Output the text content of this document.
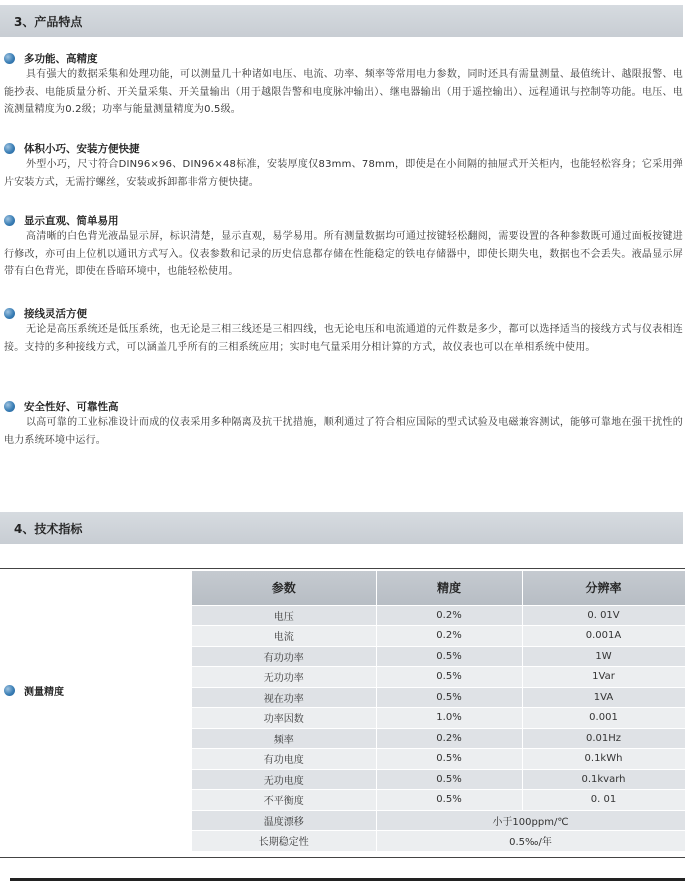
3、产品特点
多功能、高精度
具有强大的数据采集和处理功能，可以测量几十种诸如电压、电流、功率、频率等常用电力参数，同时还具有需量测量、最值统计、越限报警、电能抄表、电能质量分析、开关量采集、开关量输出（用于越限告警和电度脉冲输出）、继电器输出（用于遥控输出）、远程通讯与控制等功能。电压、电流测量精度为0.2级；功率与能量测量精度为0.5级。
体积小巧、安装方便快捷
外型小巧，尺寸符合DIN96×96、DIN96×48标准，安装厚度仅83mm、78mm，即使是在小间隔的抽屉式开关柜内，也能轻松容身；它采用弹片安装方式，无需拧螺丝，安装或拆卸都非常方便快捷。
显示直观、简单易用
高清晰的白色背光液晶显示屏，标识清楚，显示直观，易学易用。所有测量数据均可通过按键轻松翻阅，需要设置的各种参数既可通过面板按键进行修改，亦可由上位机以通讯方式写入。仪表参数和记录的历史信息都存储在性能稳定的铁电存储器中，即使长期失电，数据也不会丢失。液晶显示屏带有白色背光，即使在昏暗环境中，也能轻松使用。
接线灵活方便
无论是高压系统还是低压系统，也无论是三相三线还是三相四线，也无论电压和电流通道的元件数是多少，都可以选择适当的接线方式与仪表相连接。支持的多种接线方式，可以涵盖几乎所有的三相系统应用；实时电气量采用分相计算的方式，故仪表也可以在单相系统中使用。
安全性好、可靠性高
以高可靠的工业标准设计而成的仪表采用多种隔离及抗干扰措施，顺利通过了符合相应国际的型式试验及电磁兼容测试，能够可靠地在强干扰性的电力系统环境中运行。
4、技术指标
测量精度
参数	精度	分辨率
电压	0.2%	0. 01V
电流	0.2%	0.001A
有功功率	0.5%	1W
无功功率	0.5%	1Var
视在功率	0.5%	1VA
功率因数	1.0%	0.001
频率	0.2%	0.01Hz
有功电度	0.5%	0.1kWh
无功电度	0.5%	0.1kvarh
不平衡度	0.5%	0. 01
温度漂移	小于100ppm/℃	
长期稳定性	0.5‰/年	
